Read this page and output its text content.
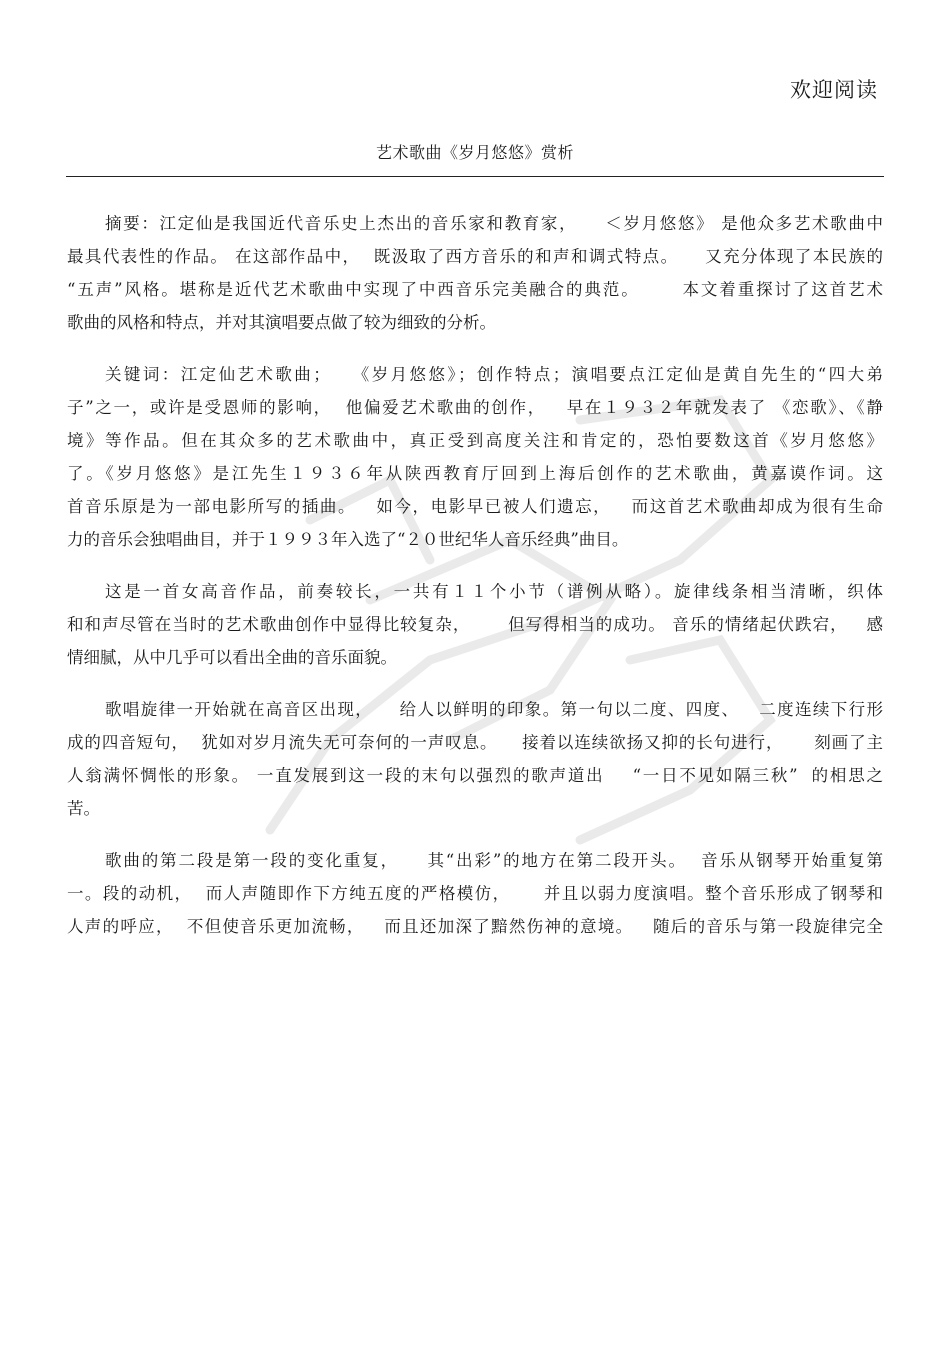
欢迎阅读
艺术歌曲《岁月悠悠》赏析
摘要：江定仙是我国近代音乐史上杰出的音乐家和教育家，　　＜岁月悠悠》 是他众多艺术歌曲中
最具代表性的作品。 在这部作品中，  既汲取了西方音乐的和声和调式特点。    又充分体现了本民族的
“五声”风格。堪称是近代艺术歌曲中实现了中西音乐完美融合的典范。      本文着重探讨了这首艺术
歌曲的风格和特点，并对其演唱要点做了较为细致的分析。
关键词：江定仙艺术歌曲；   《岁月悠悠》；创作特点；演唱要点江定仙是黄自先生的“四大弟
子”之一，或许是受恩师的影响，  他偏爱艺术歌曲的创作，   早在１９３２年就发表了 《恋歌》、《静
境》等作品。但在其众多的艺术歌曲中，真正受到高度关注和肯定的，恐怕要数这首《岁月悠悠》
了。《岁月悠悠》是江先生１９３６年从陕西教育厅回到上海后创作的艺术歌曲，黄嘉谟作词。这
首音乐原是为一部电影所写的插曲。   如今，电影早已被人们遗忘，   而这首艺术歌曲却成为很有生命
力的音乐会独唱曲目，并于１９９３年入选了“２０世纪华人音乐经典”曲目。
这是一首女高音作品，前奏较长，一共有１１个小节（谱例从略）。旋律线条相当清晰，织体
和和声尽管在当时的艺术歌曲创作中显得比较复杂，      但写得相当的成功。 音乐的情绪起伏跌宕，   感
情细腻，从中几乎可以看出全曲的音乐面貌。
歌唱旋律一开始就在高音区出现，    给人以鲜明的印象。第一句以二度、四度、   二度连续下行形
成的四音短句，  犹如对岁月流失无可奈何的一声叹息。    接着以连续欲扬又抑的长句进行，     刻画了主
人翁满怀惆怅的形象。 一直发展到这一段的末句以强烈的歌声道出    “一日不见如隔三秋”  的相思之
苦。
歌曲的第二段是第一段的变化重复，    其“出彩”的地方在第二段开头。  音乐从钢琴开始重复第
一。段的动机，  而人声随即作下方纯五度的严格模仿，     并且以弱力度演唱。整个音乐形成了钢琴和
人声的呼应，  不但使音乐更加流畅，   而且还加深了黯然伤神的意境。   随后的音乐与第一段旋律完全
